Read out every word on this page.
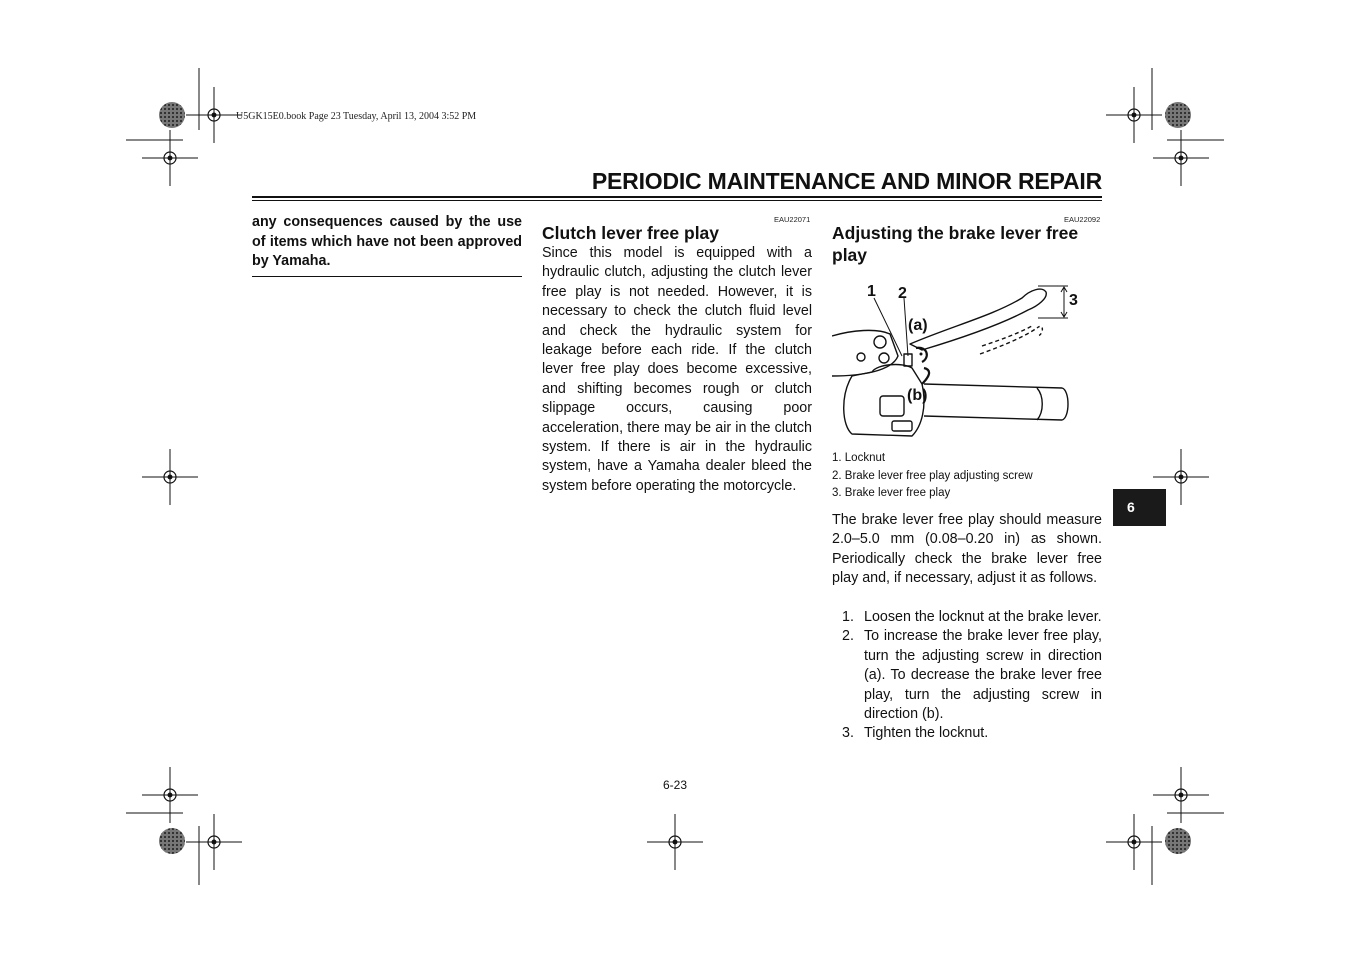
U5GK15E0.book Page 23 Tuesday, April 13, 2004 3:52 PM
PERIODIC MAINTENANCE AND MINOR REPAIR
any consequences caused by the use of items which have not been approved by Yamaha.
EAU22071
Clutch lever free play
Since this model is equipped with a hydraulic clutch, adjusting the clutch lever free play is not needed. However, it is necessary to check the clutch fluid level and check the hydraulic system for leakage before each ride. If the clutch lever free play does become excessive, and shifting becomes rough or clutch slippage occurs, causing poor acceleration, there may be air in the clutch system. If there is air in the hydraulic system, have a Yamaha dealer bleed the system before operating the motorcycle.
EAU22092
Adjusting the brake lever free play
1 2	3
(a)
(b)
1. Locknut
2. Brake lever free play adjusting screw
3. Brake lever free play
The brake lever free play should measure 2.0–5.0 mm (0.08–0.20 in) as shown. Periodically check the brake lever free play and, if necessary, adjust it as follows.
1. Loosen the locknut at the brake lever.
2. To increase the brake lever free play, turn the adjusting screw in direction (a). To decrease the brake lever free play, turn the adjusting screw in direction (b).
3. Tighten the locknut.
6
6-23
